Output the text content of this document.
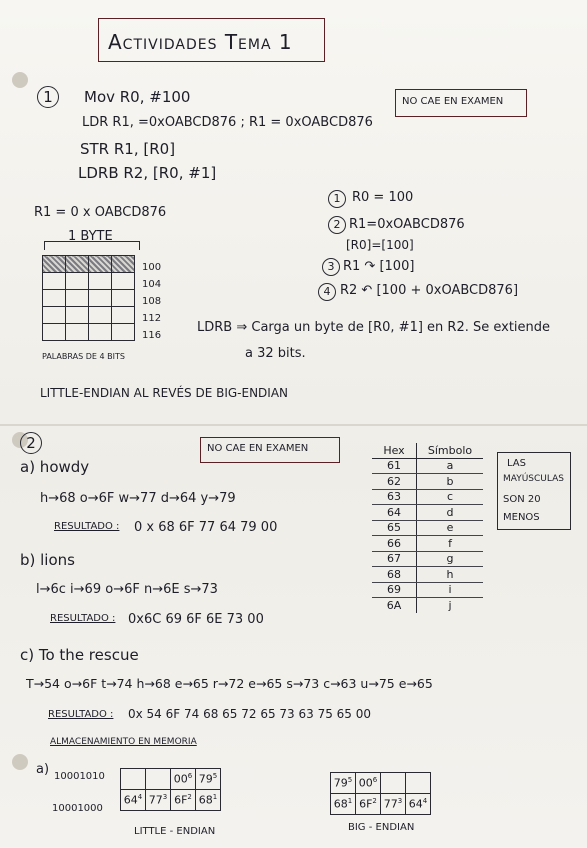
Actividades Tema 1
1	NO CAE EN EXAMEN
Mov R0, #100
LDR R1, =0xOABCD876 ; R1 = 0xOABCD876
STR R1, [R0]
LDRB R2, [R0, #1]
R1 = 0 x OABCD876
1 BYTE

100
104
108
112
116
PALABRAS DE 4 BITS
1 R0 = 100
2 R1=0xOABCD876
[R0]=[100]
3 R1 ↷ [100]
4 R2 ↶ [100 + 0xOABCD876]
LDRB ⇒ Carga un byte de [R0, #1] en R2. Se extiende
a 32 bits.
LITTLE-ENDIAN AL REVÉS DE BIG-ENDIAN
2	NO CAE EN EXAMEN	Hex	Símbolo
61	a
62	b
63	c
64	d
65	e
66	f
67	g
68	h
69	i
6A	j
LAS
MAYÚSCULAS
SON 20
MENOS
a) howdy
h→68 o→6F w→77 d→64 y→79
RESULTADO : 0 x 68 6F 77 64 79 00
b) lions
l→6c i→69 o→6F n→6E s→73
RESULTADO : 0x6C 69 6F 6E 73 00
c) To the rescue
T→54 o→6F t→74 h→68 e→65 r→72 e→65 s→73 c→63 u→75 e→65
RESULTADO : 0x 54 6F 74 68 65 72 65 73 63 75 65 00
ALMACENAMIENTO EN MEMORIA
a) 10001010
10001000
		$00^6$	$79^5$
$64^4$	$77^3$	$6F^2$	$68^1$
LITTLE - ENDIAN
$79^5$	$00^6$		
$68^1$	$6F^2$	$77^3$	$64^4$
BIG - ENDIAN
